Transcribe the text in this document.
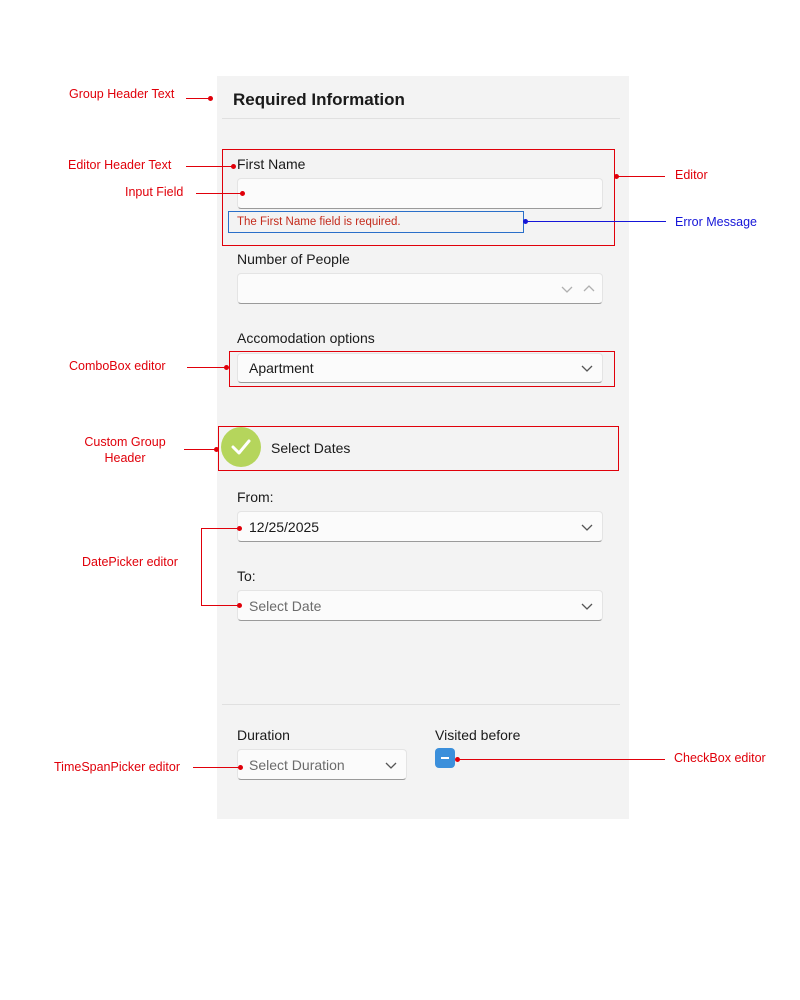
Required Information
First Name
The First Name field is required.
Number of People
Accomodation options
Apartment
Select Dates
From:
12/25/2025
To:
Select Date
Duration
Select Duration
Visited before
Group Header Text
Editor Header Text
Input Field
Editor
Error Message
ComboBox editor
Custom Group
Header
DatePicker editor
TimeSpanPicker editor
CheckBox editor
